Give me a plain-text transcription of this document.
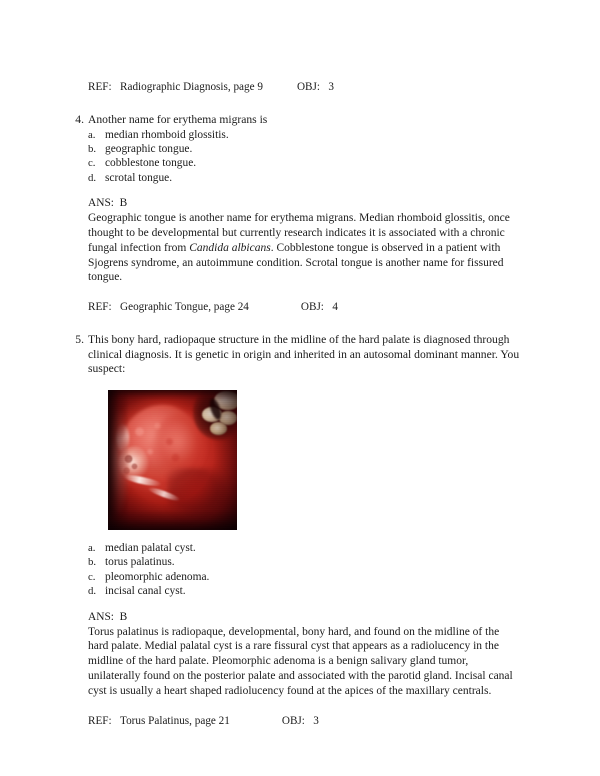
REF: Radiographic Diagnosis, page 9	OBJ: 3
4. Another name for erythema migrans is
a. median rhomboid glossitis.
b. geographic tongue.
c. cobblestone tongue.
d. scrotal tongue.
ANS: B
Geographic tongue is another name for erythema migrans. Median rhomboid glossitis, once thought to be developmental but currently research indicates it is associated with a chronic fungal infection from Candida albicans. Cobblestone tongue is observed in a patient with Sjogrens syndrome, an autoimmune condition. Scrotal tongue is another name for fissured tongue.
REF: Geographic Tongue, page 24	OBJ: 4
5. This bony hard, radiopaque structure in the midline of the hard palate is diagnosed through clinical diagnosis. It is genetic in origin and inherited in an autosomal dominant manner. You suspect:
a. median palatal cyst.
b. torus palatinus.
c. pleomorphic adenoma.
d. incisal canal cyst.
ANS: B
Torus palatinus is radiopaque, developmental, bony hard, and found on the midline of the hard palate. Medial palatal cyst is a rare fissural cyst that appears as a radiolucency in the midline of the hard palate. Pleomorphic adenoma is a benign salivary gland tumor, unilaterally found on the posterior palate and associated with the parotid gland. Incisal canal cyst is usually a heart shaped radiolucency found at the apices of the maxillary centrals.
REF: Torus Palatinus, page 21	OBJ: 3
